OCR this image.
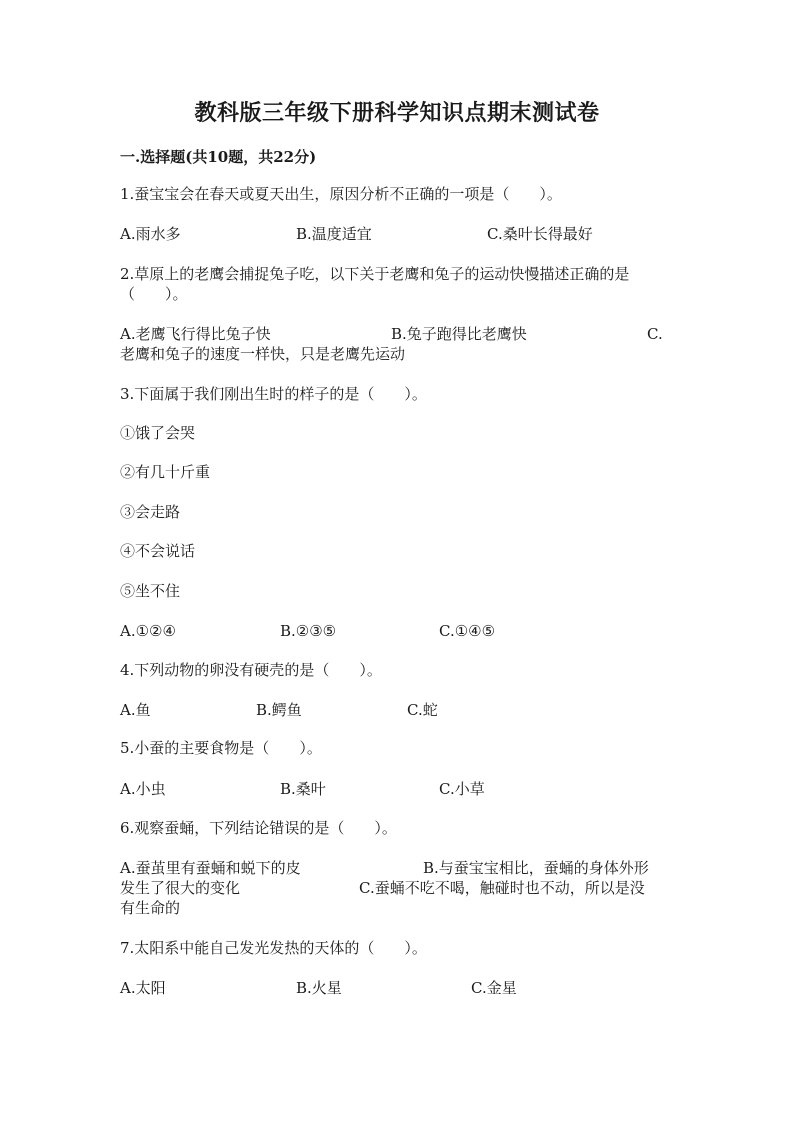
教科版三年级下册科学知识点期末测试卷

一.选择题(共10题，共22分)

1.蚕宝宝会在春天或夏天出生，原因分析不正确的一项是（　　）。

A.雨水多	B.温度适宜	C.桑叶长得最好

2.草原上的老鹰会捕捉兔子吃，以下关于老鹰和兔子的运动快慢描述正确的是

（　　）。

A.老鹰飞行得比兔子快	B.兔子跑得比老鹰快	C.
老鹰和兔子的速度一样快，只是老鹰先运动

3.下面属于我们刚出生时的样子的是（　　）。

①饿了会哭

②有几十斤重

③会走路

④不会说话

⑤坐不住

A.①②④	B.②③⑤	C.①④⑤

4.下列动物的卵没有硬壳的是（　　）。

A.鱼	B.鳄鱼	C.蛇

5.小蚕的主要食物是（　　）。

A.小虫	B.桑叶	C.小草

6.观察蚕蛹，下列结论错误的是（　　）。

A.蚕茧里有蚕蛹和蜕下的皮	B.与蚕宝宝相比，蚕蛹的身体外形
发生了很大的变化	C.蚕蛹不吃不喝，触碰时也不动，所以是没
有生命的

7.太阳系中能自己发光发热的天体的（　　）。

A.太阳	B.火星	C.金星
